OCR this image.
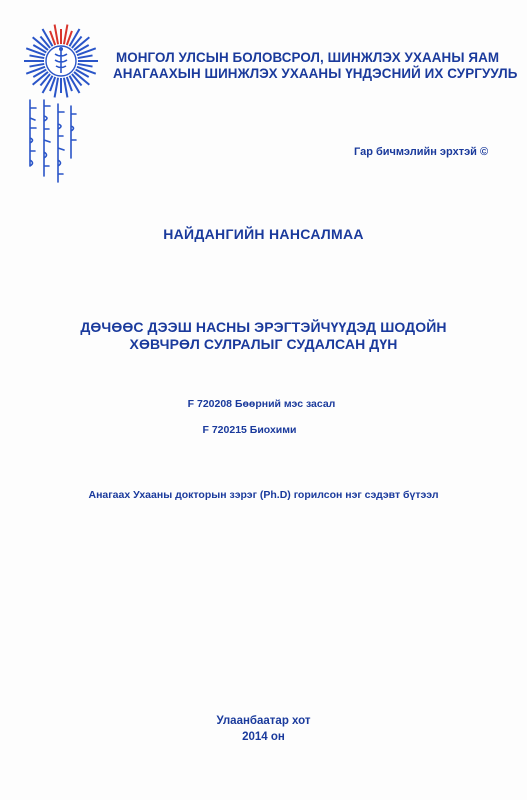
МОНГОЛ УЛСЫН БОЛОВСРОЛ, ШИНЖЛЭХ УХААНЫ ЯАМ
АНАГААХЫН ШИНЖЛЭХ УХААНЫ ҮНДЭСНИЙ ИХ СУРГУУЛЬ
Гар бичмэлийн эрхтэй ©
НАЙДАНГИЙН НАНСАЛМАА
ДӨЧӨӨС ДЭЭШ НАСНЫ ЭРЭГТЭЙЧҮҮДЭД ШОДОЙН
ХӨВЧРӨЛ СУЛРАЛЫГ СУДАЛСАН ДҮН
F 720208 Бөөрний мэс засал
F 720215 Биохими
Анагаах Ухааны докторын зэрэг (Ph.D) горилсон нэг сэдэвт бүтээл
Улаанбаатар хот
2014 он
